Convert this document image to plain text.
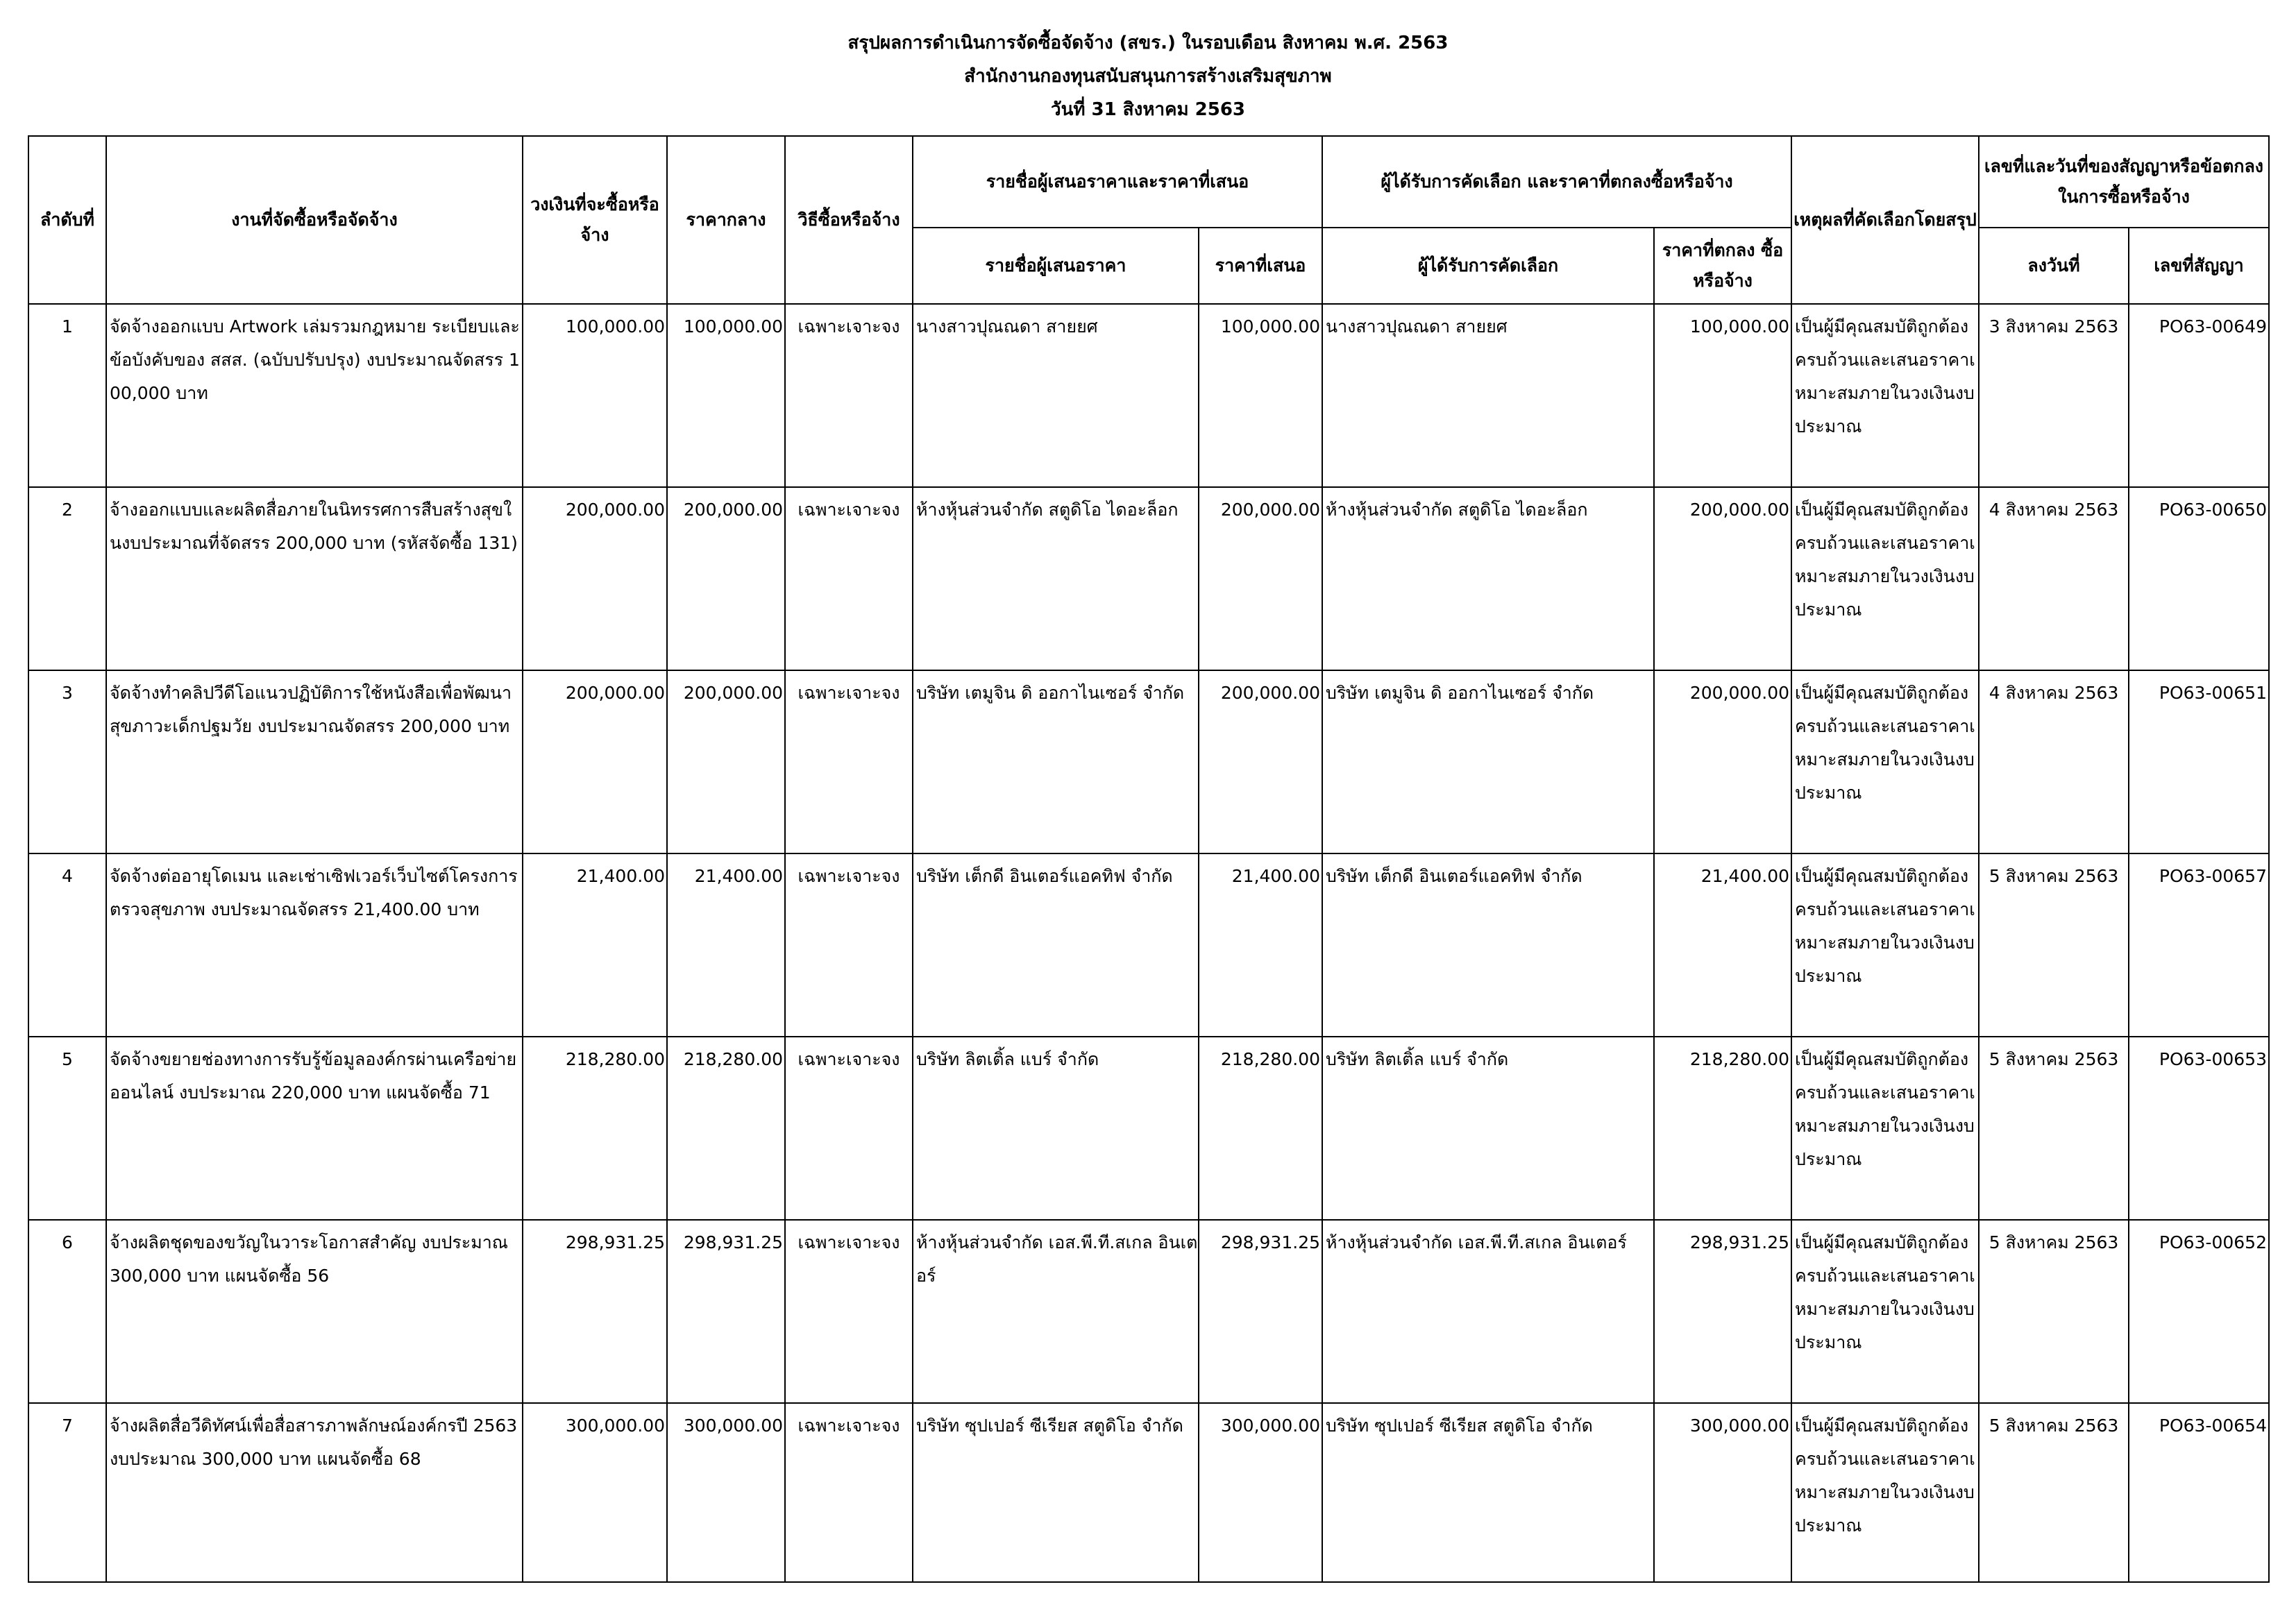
สรุปผลการดำเนินการจัดซื้อจัดจ้าง (สขร.) ในรอบเดือน สิงหาคม พ.ศ. 2563
สำนักงานกองทุนสนับสนุนการสร้างเสริมสุขภาพ
วันที่ 31 สิงหาคม 2563
ลำดับที่	งานที่จัดซื้อหรือจัดจ้าง	วงเงินที่จะซื้อหรือจ้าง	ราคากลาง	วิธีซื้อหรือจ้าง	รายชื่อผู้เสนอราคาและราคาที่เสนอ		ผู้ได้รับการคัดเลือก และราคาที่ตกลงซื้อหรือจ้าง		เหตุผลที่คัดเลือกโดยสรุป	เลขที่และวันที่ของสัญญาหรือข้อตกลงในการซื้อหรือจ้าง	
					รายชื่อผู้เสนอราคา	ราคาที่เสนอ	ผู้ได้รับการคัดเลือก	ราคาที่ตกลง ซื้อหรือจ้าง		ลงวันที่	เลขที่สัญญา
1	จัดจ้างออกแบบ Artwork เล่มรวมกฎหมาย ระเบียบและข้อบังคับของ สสส. (ฉบับปรับปรุง) งบประมาณจัดสรร 100,000 บาท	100,000.00	100,000.00	เฉพาะเจาะจง	นางสาวปุณณดา สายยศ	100,000.00	นางสาวปุณณดา สายยศ	100,000.00	เป็นผู้มีคุณสมบัติถูกต้องครบถ้วนและเสนอราคาเหมาะสมภายในวงเงินงบประมาณ	3 สิงหาคม 2563	PO63-00649
2	จ้างออกแบบและผลิตสื่อภายในนิทรรศการสืบสร้างสุขในงบประมาณที่จัดสรร 200,000 บาท (รหัสจัดซื้อ 131)	200,000.00	200,000.00	เฉพาะเจาะจง	ห้างหุ้นส่วนจำกัด สตูดิโอ ไดอะล็อก	200,000.00	ห้างหุ้นส่วนจำกัด สตูดิโอ ไดอะล็อก	200,000.00	เป็นผู้มีคุณสมบัติถูกต้องครบถ้วนและเสนอราคาเหมาะสมภายในวงเงินงบประมาณ	4 สิงหาคม 2563	PO63-00650
3	จัดจ้างทำคลิปวีดีโอแนวปฏิบัติการใช้หนังสือเพื่อพัฒนาสุขภาวะเด็กปฐมวัย งบประมาณจัดสรร 200,000 บาท	200,000.00	200,000.00	เฉพาะเจาะจง	บริษัท เตมูจิน ดิ ออกาไนเซอร์ จำกัด	200,000.00	บริษัท เตมูจิน ดิ ออกาไนเซอร์ จำกัด	200,000.00	เป็นผู้มีคุณสมบัติถูกต้องครบถ้วนและเสนอราคาเหมาะสมภายในวงเงินงบประมาณ	4 สิงหาคม 2563	PO63-00651
4	จัดจ้างต่ออายุโดเมน และเช่าเซิฟเวอร์เว็บไซต์โครงการตรวจสุขภาพ งบประมาณจัดสรร 21,400.00 บาท	21,400.00	21,400.00	เฉพาะเจาะจง	บริษัท เต็กดี อินเตอร์แอคทิฟ จำกัด	21,400.00	บริษัท เต็กดี อินเตอร์แอคทิฟ จำกัด	21,400.00	เป็นผู้มีคุณสมบัติถูกต้องครบถ้วนและเสนอราคาเหมาะสมภายในวงเงินงบประมาณ	5 สิงหาคม 2563	PO63-00657
5	จัดจ้างขยายช่องทางการรับรู้ข้อมูลองค์กรผ่านเครือข่ายออนไลน์ งบประมาณ 220,000 บาท แผนจัดซื้อ 71	218,280.00	218,280.00	เฉพาะเจาะจง	บริษัท ลิตเติ้ล แบร์ จำกัด	218,280.00	บริษัท ลิตเติ้ล แบร์ จำกัด	218,280.00	เป็นผู้มีคุณสมบัติถูกต้องครบถ้วนและเสนอราคาเหมาะสมภายในวงเงินงบประมาณ	5 สิงหาคม 2563	PO63-00653
6	จ้างผลิตชุดของขวัญในวาระโอกาสสำคัญ งบประมาณ 300,000 บาท แผนจัดซื้อ 56	298,931.25	298,931.25	เฉพาะเจาะจง	ห้างหุ้นส่วนจำกัด เอส.พี.ที.สเกล อินเตอร์	298,931.25	ห้างหุ้นส่วนจำกัด เอส.พี.ที.สเกล อินเตอร์	298,931.25	เป็นผู้มีคุณสมบัติถูกต้องครบถ้วนและเสนอราคาเหมาะสมภายในวงเงินงบประมาณ	5 สิงหาคม 2563	PO63-00652
7	จ้างผลิตสื่อวีดิทัศน์เพื่อสื่อสารภาพลักษณ์องค์กรปี 2563 งบประมาณ 300,000 บาท แผนจัดซื้อ 68	300,000.00	300,000.00	เฉพาะเจาะจง	บริษัท ซุปเปอร์ ซีเรียส สตูดิโอ จำกัด	300,000.00	บริษัท ซุปเปอร์ ซีเรียส สตูดิโอ จำกัด	300,000.00	เป็นผู้มีคุณสมบัติถูกต้องครบถ้วนและเสนอราคาเหมาะสมภายในวงเงินงบประมาณ	5 สิงหาคม 2563	PO63-00654
